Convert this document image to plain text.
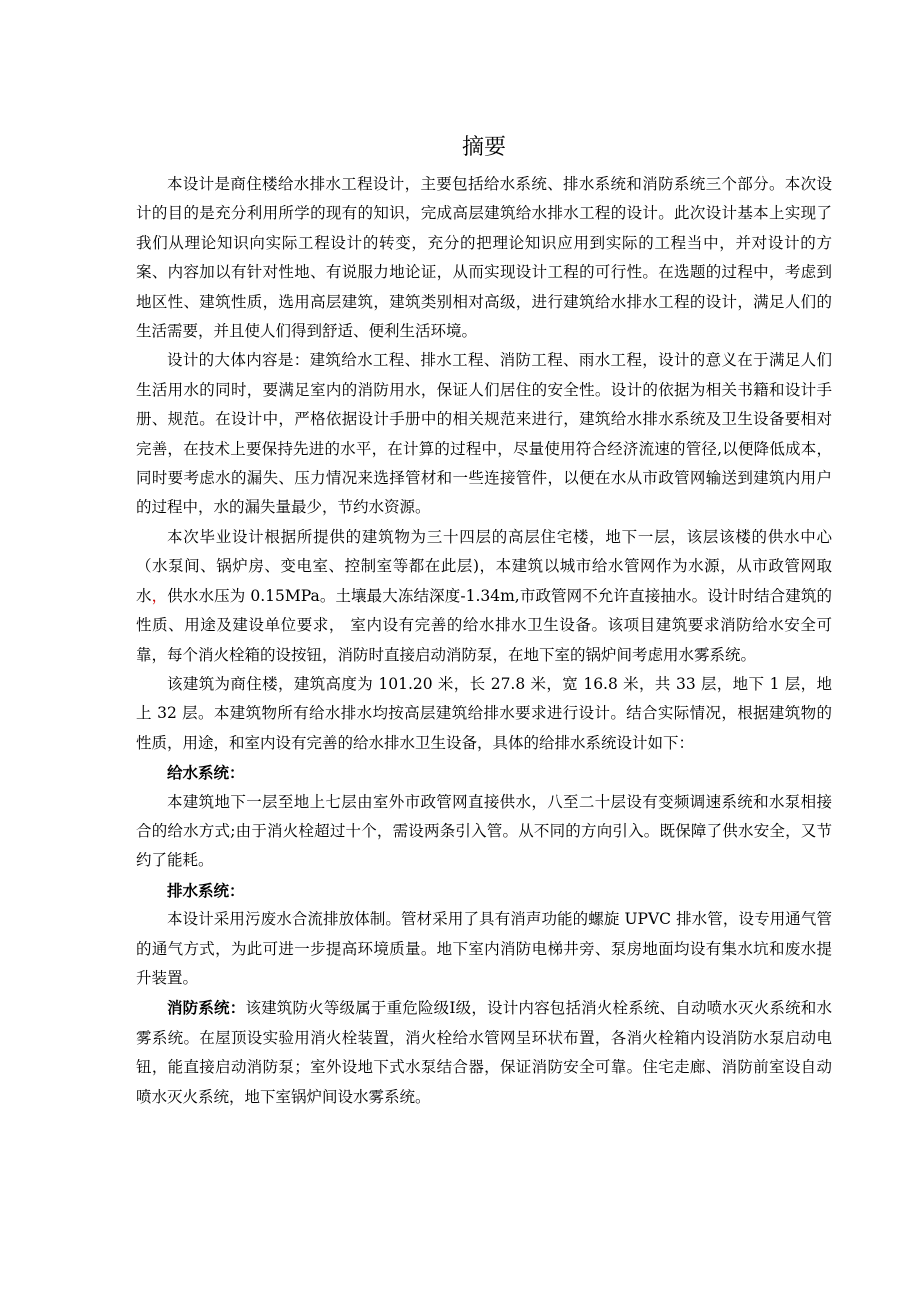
摘要

本设计是商住楼给水排水工程设计，主要包括给水系统、排水系统和消防系统三个部分。本次设计的目的是充分利用所学的现有的知识，完成高层建筑给水排水工程的设计。此次设计基本上实现了我们从理论知识向实际工程设计的转变，充分的把理论知识应用到实际的工程当中，并对设计的方案、内容加以有针对性地、有说服力地论证，从而实现设计工程的可行性。在选题的过程中，考虑到地区性、建筑性质，选用高层建筑，建筑类别相对高级，进行建筑给水排水工程的设计，满足人们的生活需要，并且使人们得到舒适、便利生活环境。

设计的大体内容是：建筑给水工程、排水工程、消防工程、雨水工程，设计的意义在于满足人们生活用水的同时，要满足室内的消防用水，保证人们居住的安全性。设计的依据为相关书籍和设计手册、规范。在设计中，严格依据设计手册中的相关规范来进行，建筑给水排水系统及卫生设备要相对完善，在技术上要保持先进的水平，在计算的过程中，尽量使用符合经济流速的管径,以便降低成本，同时要考虑水的漏失、压力情况来选择管材和一些连接管件，以便在水从市政管网输送到建筑内用户的过程中，水的漏失量最少，节约水资源。

本次毕业设计根据所提供的建筑物为三十四层的高层住宅楼，地下一层，该层该楼的供水中心（水泵间、锅炉房、变电室、控制室等都在此层)，本建筑以城市给水管网作为水源，从市政管网取水，供水水压为 0.15MPa。土壤最大冻结深度-1.34m,市政管网不允许直接抽水。设计时结合建筑的性质、用途及建设单位要求， 室内设有完善的给水排水卫生设备。该项目建筑要求消防给水安全可靠，每个消火栓箱的设按钮，消防时直接启动消防泵，在地下室的锅炉间考虑用水雾系统。

该建筑为商住楼，建筑高度为 101.20 米，长 27.8 米，宽 16.8 米，共 33 层，地下 1 层，地上 32 层。本建筑物所有给水排水均按高层建筑给排水要求进行设计。结合实际情况，根据建筑物的性质，用途，和室内设有完善的给水排水卫生设备，具体的给排水系统设计如下：

给水系统：

本建筑地下一层至地上七层由室外市政管网直接供水，八至二十层设有变频调速系统和水泵相接合的给水方式;由于消火栓超过十个，需设两条引入管。从不同的方向引入。既保障了供水安全，又节约了能耗。

排水系统：

本设计采用污废水合流排放体制。管材采用了具有消声功能的螺旋 UPVC 排水管，设专用通气管的通气方式，为此可进一步提高环境质量。地下室内消防电梯井旁、泵房地面均设有集水坑和废水提升装置。

消防系统：该建筑防火等级属于重危险级Ⅰ级，设计内容包括消火栓系统、自动喷水灭火系统和水雾系统。在屋顶设实验用消火栓装置，消火栓给水管网呈环状布置，各消火栓箱内设消防水泵启动电钮，能直接启动消防泵；室外设地下式水泵结合器，保证消防安全可靠。住宅走廊、消防前室设自动喷水灭火系统，地下室锅炉间设水雾系统。
